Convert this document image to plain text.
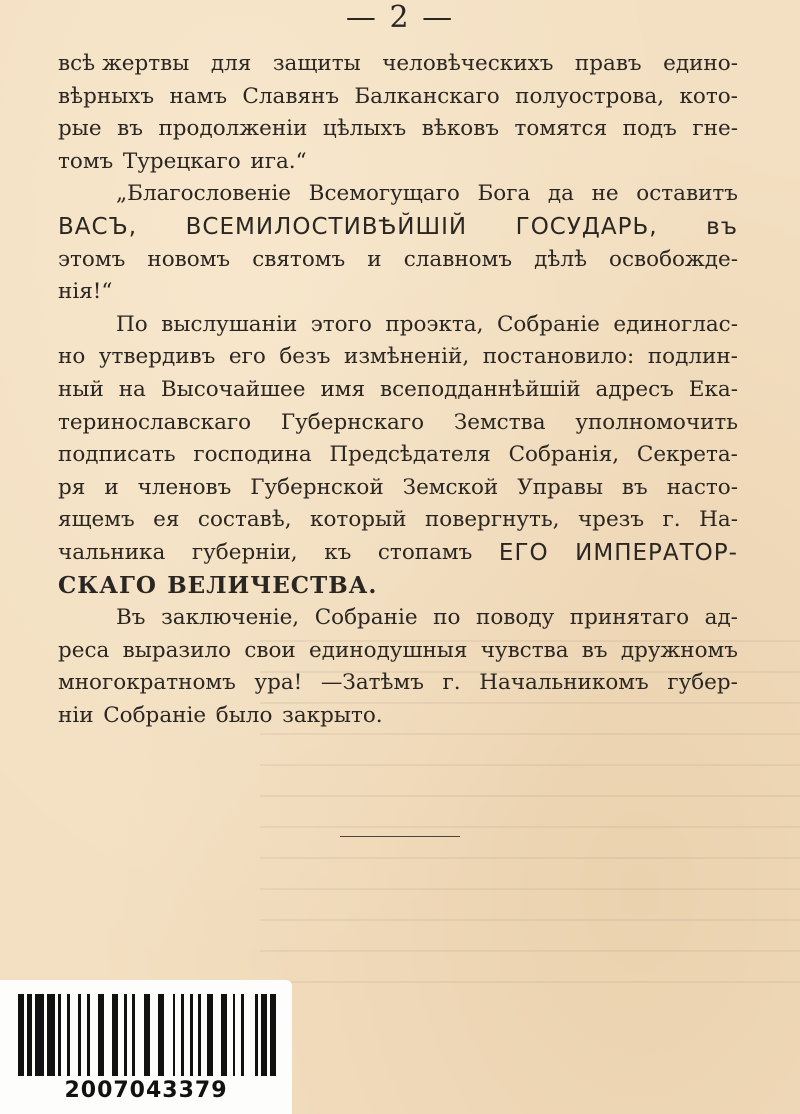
— 2 —
всѣ жертвы для защиты человѣческихъ правъ едино-
вѣрныхъ намъ Славянъ Балканскаго полуострова, кото-
рые въ продолженіи цѣлыхъ вѣковъ томятся подъ гне-
томъ Турецкаго ига.“
„Благословеніе Всемогущаго Бога да не оставитъ
ВАСЪ, ВСЕМИЛОСТИВѢЙШІЙ ГОСУДАРЬ, въ
этомъ новомъ святомъ и славномъ дѣлѣ освобожде-
нія!“
По выслушаніи этого проэкта, Собраніе единоглас-
но утвердивъ его безъ измѣненій, постановило: подлин-
ный на Высочайшее имя всеподданнѣйшій адресъ Ека-
теринославскаго Губернскаго Земства уполномочить
подписать господина Предсѣдателя Собранія, Секрета-
ря и членовъ Губернской Земской Управы въ насто-
ящемъ ея составѣ, который повергнуть, чрезъ г. На-
чальника губерніи, къ стопамъ ЕГО ИМПЕРАТОР-
СКАГО ВЕЛИЧЕСТВА.
Въ заключеніе, Собраніе по поводу принятаго ад-
реса выразило свои единодушныя чувства въ дружномъ
многократномъ ура! —Затѣмъ г. Начальникомъ губер-
ніи Собраніе было закрыто.
2007043379
